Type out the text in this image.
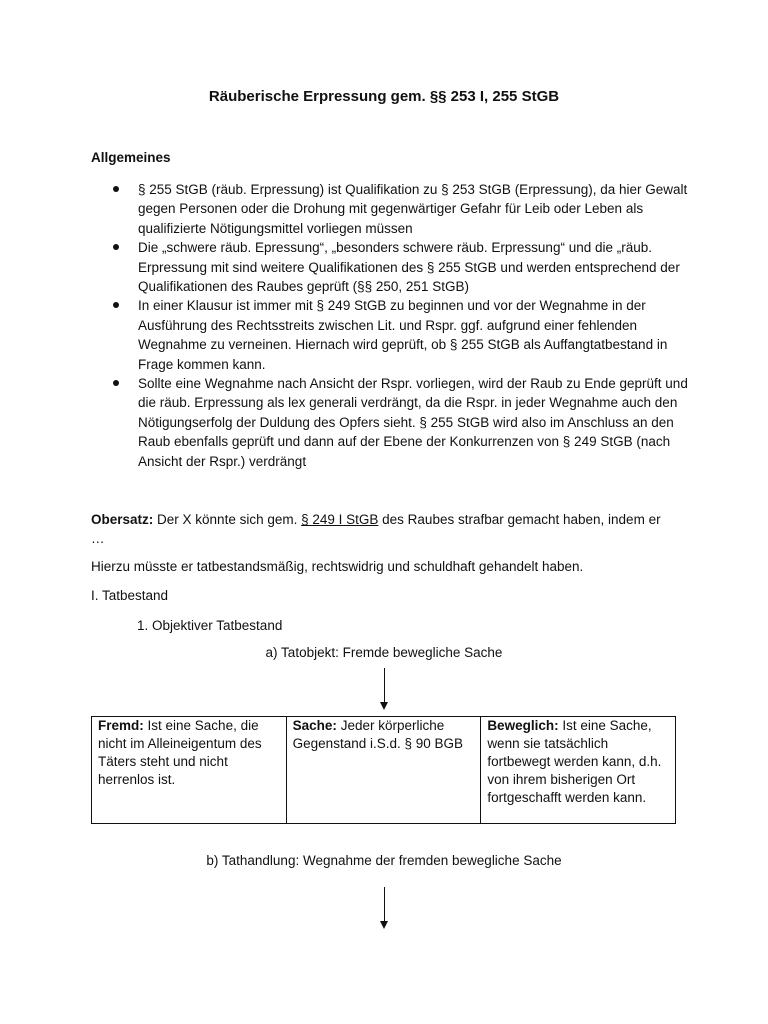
Räuberische Erpressung gem. §§ 253 I, 255 StGB
Allgemeines
§ 255 StGB (räub. Erpressung) ist Qualifikation zu § 253 StGB (Erpressung), da hier Gewalt gegen Personen oder die Drohung mit gegenwärtiger Gefahr für Leib oder Leben als qualifizierte Nötigungsmittel vorliegen müssen
Die „schwere räub. Epressung“, „besonders schwere räub. Erpressung“ und die „räub. Erpressung mit sind weitere Qualifikationen des § 255 StGB und werden entsprechend der Qualifikationen des Raubes geprüft (§§ 250, 251 StGB)
In einer Klausur ist immer mit § 249 StGB zu beginnen und vor der Wegnahme in der Ausführung des Rechtsstreits zwischen Lit. und Rspr. ggf. aufgrund einer fehlenden Wegnahme zu verneinen. Hiernach wird geprüft, ob § 255 StGB als Auffangtatbestand in Frage kommen kann.
Sollte eine Wegnahme nach Ansicht der Rspr. vorliegen, wird der Raub zu Ende geprüft und die räub. Erpressung als lex generali verdrängt, da die Rspr. in jeder Wegnahme auch den Nötigungserfolg der Duldung des Opfers sieht. § 255 StGB wird also im Anschluss an den Raub ebenfalls geprüft und dann auf der Ebene der Konkurrenzen von § 249 StGB (nach Ansicht der Rspr.) verdrängt

Obersatz: Der X könnte sich gem. § 249 I StGB des Raubes strafbar gemacht haben, indem er
…

Hierzu müsste er tatbestandsmäßig, rechtswidrig und schuldhaft gehandelt haben.

I. Tatbestand

1. Objektiver Tatbestand

a) Tatobjekt: Fremde bewegliche Sache
Fremd: Ist eine Sache, die nicht im Alleineigentum des Täters steht und nicht herrenlos ist.	Sache: Jeder körperliche Gegenstand i.S.d. § 90 BGB	Beweglich: Ist eine Sache, wenn sie tatsächlich fortbewegt werden kann, d.h. von ihrem bisherigen Ort fortgeschafft werden kann.
b) Tathandlung: Wegnahme der fremden bewegliche Sache
